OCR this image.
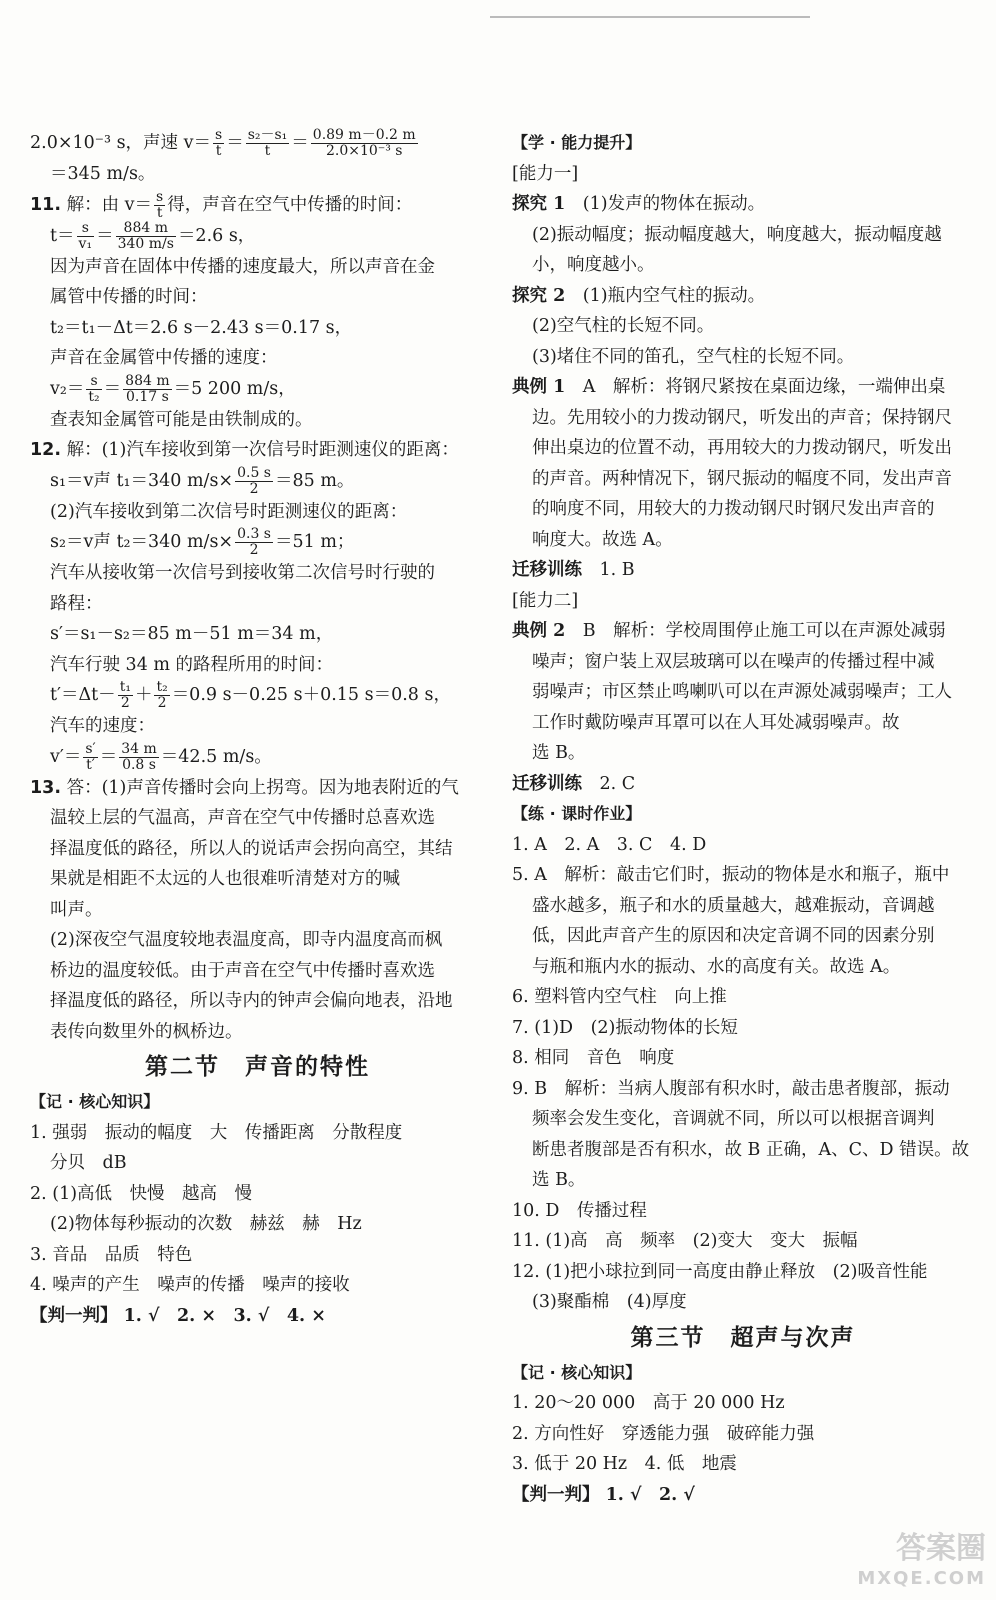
2.0×10⁻³ s，声速 $v= \frac{s}{t} = \frac{\text{s₂－s₁}}{t} = \frac{0.89 m-0.2 m}{\text{2.0×10⁻³ s}}$
＝345 m/s。
11. 解：由 $v= \frac{s}{t}$ 得，声音在空气中传播的时间：
$t= \frac{s}{\text{v₁}} = \frac{884 m}{340 m/s} =2.6$ s，
因为声音在固体中传播的速度最大，所以声音在金
属管中传播的时间：
t₂＝t₁－Δt＝2.6 s－2.43 s＝0.17 s，
声音在金属管中传播的速度：
$v_2= \frac{s}{\text{t₂}} = \frac{884 m}{0.17 s} =5$ 200 m/s，
查表知金属管可能是由铁制成的。
12. 解：(1)汽车接收到第一次信号时距测速仪的距离：
s₁＝v声 t₁＝340 $m/s\times \frac{0.5 s}{2} =85$ m。
(2)汽车接收到第二次信号时距测速仪的距离：
s₂＝v声 t₂＝340 $m/s\times \frac{0.3 s}{2} =51$ m；
汽车从接收第一次信号到接收第二次信号时行驶的
路程：
s′＝s₁－s₂＝85 m－51 m＝34 m，
汽车行驶 34 m 的路程所用的时间：
$t'=\Delta t- \frac{\text{t₁}}{2} + \frac{\text{t₂}}{2} =0.9$ s－0.25 s＋0.15 s＝0.8 s，
汽车的速度：
$v'= \frac{s'}{t'} = \frac{34 m}{0.8 s} =42.5$ m/s。
13. 答：(1)声音传播时会向上拐弯。因为地表附近的气
温较上层的气温高，声音在空气中传播时总喜欢选
择温度低的路径，所以人的说话声会拐向高空，其结
果就是相距不太远的人也很难听清楚对方的喊
叫声。
(2)深夜空气温度较地表温度高，即寺内温度高而枫
桥边的温度较低。由于声音在空气中传播时喜欢选
择温度低的路径，所以寺内的钟声会偏向地表，沿地
表传向数里外的枫桥边。
第二节　声音的特性
【记 · 核心知识】
1. 强弱　振动的幅度　大　传播距离　分散程度
分贝　dB
2. (1)高低　快慢　越高　慢
(2)物体每秒振动的次数　赫兹　赫　Hz
3. 音品　品质　特色
4. 噪声的产生　噪声的传播　噪声的接收
【判一判】 1. √　2. ×　3. √　4. ×
【学 · 能力提升】
[能力一]
探究 1　 (1)发声的物体在振动。
(2)振动幅度；振动幅度越大，响度越大，振动幅度越
小，响度越小。
探究 2　 (1)瓶内空气柱的振动。
(2)空气柱的长短不同。
(3)堵住不同的笛孔，空气柱的长短不同。
典例 1　 A　解析：将钢尺紧按在桌面边缘，一端伸出桌
边。先用较小的力拨动钢尺，听发出的声音；保持钢尺
伸出桌边的位置不动，再用较大的力拨动钢尺，听发出
的声音。两种情况下，钢尺振动的幅度不同，发出声音
的响度不同，用较大的力拨动钢尺时钢尺发出声音的
响度大。故选 A。
迁移训练　 1. B
[能力二]
典例 2　 B　解析：学校周围停止施工可以在声源处减弱
噪声；窗户装上双层玻璃可以在噪声的传播过程中减
弱噪声；市区禁止鸣喇叭可以在声源处减弱噪声；工人
工作时戴防噪声耳罩可以在人耳处减弱噪声。故
选 B。
迁移训练　 2. C
【练 · 课时作业】
1. A　2. A　3. C　4. D
5. A　解析：敲击它们时，振动的物体是水和瓶子，瓶中
盛水越多，瓶子和水的质量越大，越难振动，音调越
低，因此声音产生的原因和决定音调不同的因素分别
与瓶和瓶内水的振动、水的高度有关。故选 A。
6. 塑料管内空气柱　向上推
7. (1)D　(2)振动物体的长短
8. 相同　音色　响度
9. B　解析：当病人腹部有积水时，敲击患者腹部，振动
频率会发生变化，音调就不同，所以可以根据音调判
断患者腹部是否有积水，故 B 正确，A、C、D 错误。故
选 B。
10. D　传播过程
11. (1)高　高　频率　(2)变大　变大　振幅
12. (1)把小球拉到同一高度由静止释放　(2)吸音性能
(3)聚酯棉　(4)厚度
第三节　超声与次声
【记 · 核心知识】
1. 20～20 000　高于 20 000 Hz
2. 方向性好　穿透能力强　破碎能力强
3. 低于 20 Hz　4. 低　地震
【判一判】 1. √　2. √
答案圈
MXQE.COM
